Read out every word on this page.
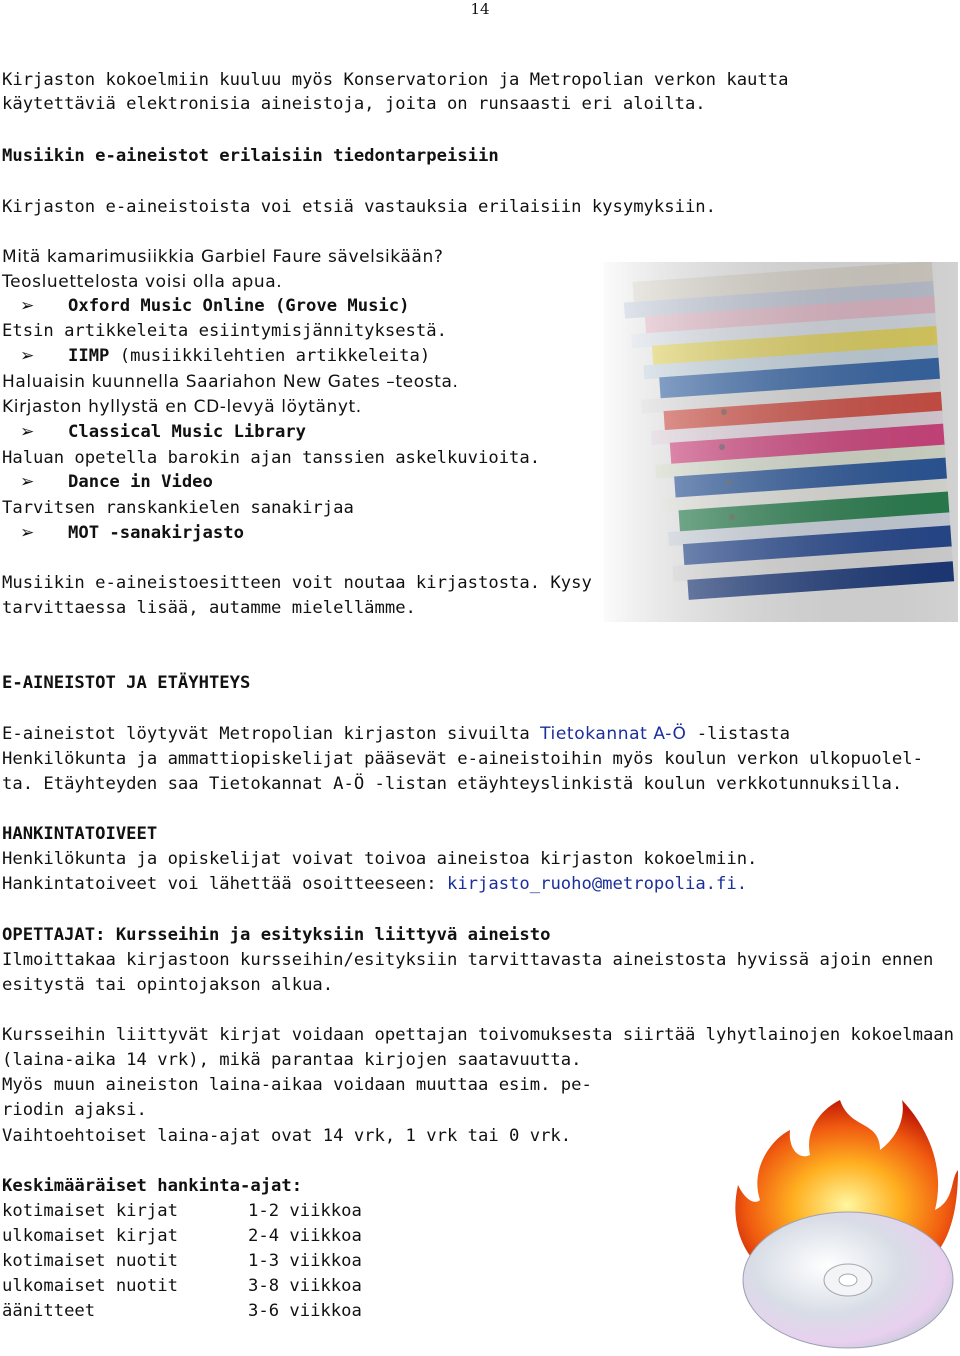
14
Kirjaston kokoelmiin kuuluu myös Konservatorion ja Metropolian verkon kautta
käytettäviä elektronisia aineistoja, joita on runsaasti eri aloilta.
Musiikin e-aineistot erilaisiin tiedontarpeisiin
Kirjaston e-aineistoista voi etsiä vastauksia erilaisiin kysymyksiin.
Mitä kamarimusiikkia Garbiel Faure sävelsikään?
Teosluettelosta voisi olla apua.
➢ Oxford Music Online (Grove Music)
Etsin artikkeleita esiintymisjännityksestä.
➢ IIMP (musiikkilehtien artikkeleita)
Haluaisin kuunnella Saariahon New Gates –teosta.
Kirjaston hyllystä en CD-levyä löytänyt.
➢ Classical Music Library
Haluan opetella barokin ajan tanssien askelkuvioita.
➢ Dance in Video
Tarvitsen ranskankielen sanakirjaa
➢ MOT -sanakirjasto
Musiikin e-aineistoesitteen voit noutaa kirjastosta. Kysy
tarvittaessa lisää, autamme mielellämme.
E-AINEISTOT JA ETÄYHTEYS
E-aineistot löytyvät Metropolian kirjaston sivuilta Tietokannat A-Ö -listasta
Henkilökunta ja ammattiopiskelijat pääsevät e-aineistoihin myös koulun verkon ulkopuolel-
ta. Etäyhteyden saa Tietokannat A-Ö -listan etäyhteyslinkistä koulun verkkotunnuksilla.
HANKINTATOIVEET
Henkilökunta ja opiskelijat voivat toivoa aineistoa kirjaston kokoelmiin.
Hankintatoiveet voi lähettää osoitteeseen: kirjasto_ruoho@metropolia.fi.
OPETTAJAT: Kursseihin ja esityksiin liittyvä aineisto
Ilmoittakaa kirjastoon kursseihin/esityksiin tarvittavasta aineistosta hyvissä ajoin ennen
esitystä tai opintojakson alkua.
Kursseihin liittyvät kirjat voidaan opettajan toivomuksesta siirtää lyhytlainojen kokoelmaan
(laina-aika 14 vrk), mikä parantaa kirjojen saatavuutta.
Myös muun aineiston laina-aikaa voidaan muuttaa esim. pe-
riodin ajaksi.
Vaihtoehtoiset laina-ajat ovat 14 vrk, 1 vrk tai 0 vrk.
Keskimääräiset hankinta-ajat:
kotimaiset kirjat	1-2 viikkoa
ulkomaiset kirjat	2-4 viikkoa
kotimaiset nuotit	1-3 viikkoa
ulkomaiset nuotit	3-8 viikkoa
äänitteet	3-6 viikkoa
